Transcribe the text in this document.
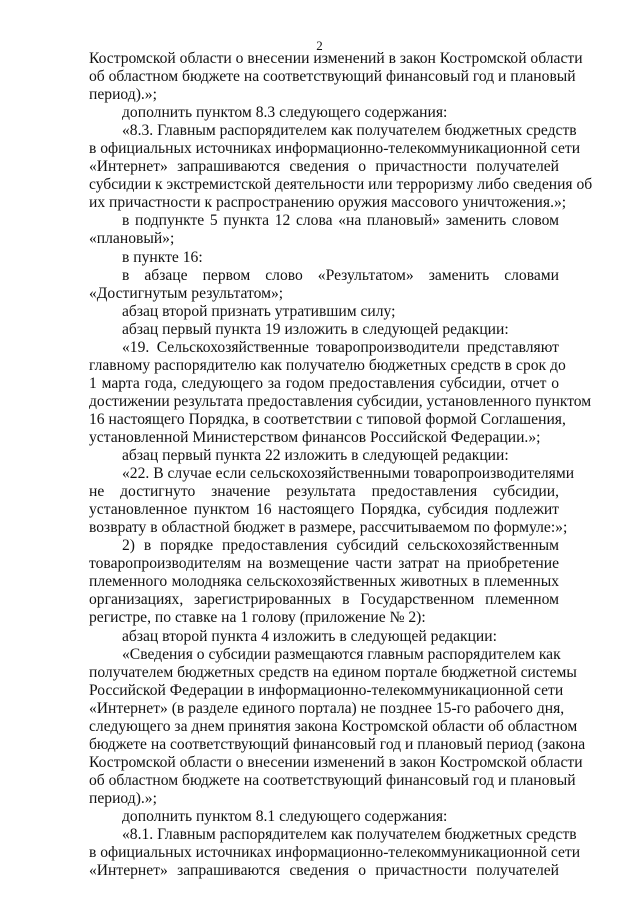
2
Костромской области о внесении изменений в закон Костромской области
об областном бюджете на соответствующий финансовый год и плановый
период).»;
дополнить пунктом 8.3 следующего содержания:
«8.3. Главным распорядителем как получателем бюджетных средств
в официальных источниках информационно-телекоммуникационной сети
«Интернет» запрашиваются сведения о причастности получателей
субсидии к экстремистской деятельности или терроризму либо сведения об
их причастности к распространению оружия массового уничтожения.»;
в подпункте 5 пункта 12 слова «на плановый» заменить словом
«плановый»;
в пункте 16:
в абзаце первом слово «Результатом» заменить словами
«Достигнутым результатом»;
абзац второй признать утратившим силу;
абзац первый пункта 19 изложить в следующей редакции:
«19. Сельскохозяйственные товаропроизводители представляют
главному распорядителю как получателю бюджетных средств в срок до
1 марта года, следующего за годом предоставления субсидии, отчет о
достижении результата предоставления субсидии, установленного пунктом
16 настоящего Порядка, в соответствии с типовой формой Соглашения,
установленной Министерством финансов Российской Федерации.»;
абзац первый пункта 22 изложить в следующей редакции:
«22. В случае если сельскохозяйственными товаропроизводителями
не достигнуто значение результата предоставления субсидии,
установленное пунктом 16 настоящего Порядка, субсидия подлежит
возврату в областной бюджет в размере, рассчитываемом по формуле:»;
2) в порядке предоставления субсидий сельскохозяйственным
товаропроизводителям на возмещение части затрат на приобретение
племенного молодняка сельскохозяйственных животных в племенных
организациях, зарегистрированных в Государственном племенном
регистре, по ставке на 1 голову (приложение № 2):
абзац второй пункта 4 изложить в следующей редакции:
«Сведения о субсидии размещаются главным распорядителем как
получателем бюджетных средств на едином портале бюджетной системы
Российской Федерации в информационно-телекоммуникационной сети
«Интернет» (в разделе единого портала) не позднее 15-го рабочего дня,
следующего за днем принятия закона Костромской области об областном
бюджете на соответствующий финансовый год и плановый период (закона
Костромской области о внесении изменений в закон Костромской области
об областном бюджете на соответствующий финансовый год и плановый
период).»;
дополнить пунктом 8.1 следующего содержания:
«8.1. Главным распорядителем как получателем бюджетных средств
в официальных источниках информационно-телекоммуникационной сети
«Интернет» запрашиваются сведения о причастности получателей
